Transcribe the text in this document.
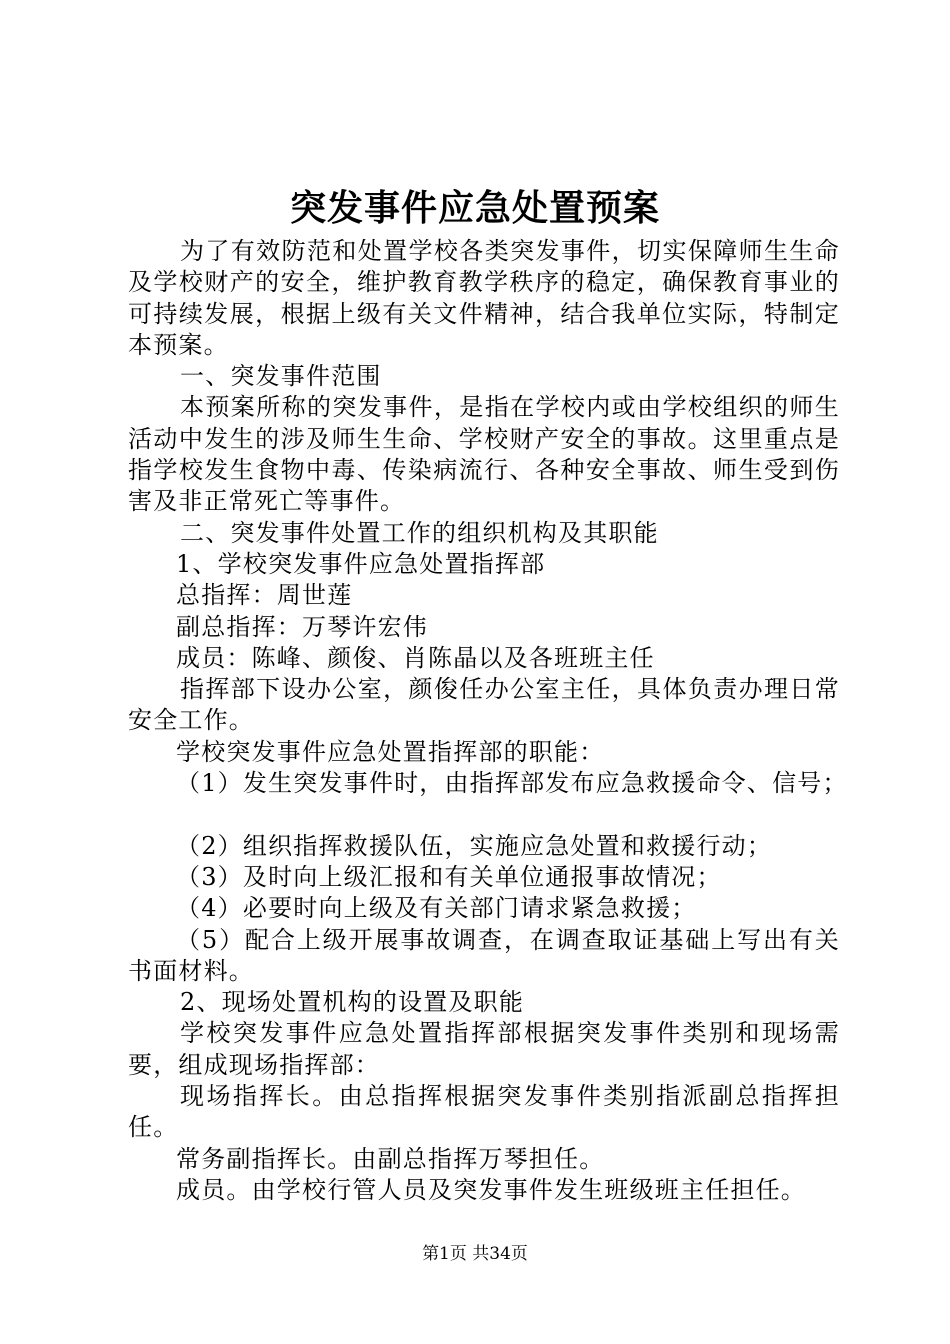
突发事件应急处置预案

为了有效防范和处置学校各类突发事件，切实保障师生生命及学校财产的安全，维护教育教学秩序的稳定，确保教育事业的可持续发展，根据上级有关文件精神，结合我单位实际，特制定本预案。

一、突发事件范围

本预案所称的突发事件，是指在学校内或由学校组织的师生活动中发生的涉及师生生命、学校财产安全的事故。这里重点是指学校发生食物中毒、传染病流行、各种安全事故、师生受到伤害及非正常死亡等事件。

二、突发事件处置工作的组织机构及其职能

1、学校突发事件应急处置指挥部

总指挥：周世莲

副总指挥：万琴许宏伟

成员：陈峰、颜俊、肖陈晶以及各班班主任

指挥部下设办公室，颜俊任办公室主任，具体负责办理日常安全工作。

学校突发事件应急处置指挥部的职能：

（1）发生突发事件时，由指挥部发布应急救援命令、信号；

（2）组织指挥救援队伍，实施应急处置和救援行动；

（3）及时向上级汇报和有关单位通报事故情况；

（4）必要时向上级及有关部门请求紧急救援；

（5）配合上级开展事故调查，在调查取证基础上写出有关书面材料。

2、现场处置机构的设置及职能

学校突发事件应急处置指挥部根据突发事件类别和现场需要，组成现场指挥部：

现场指挥长。由总指挥根据突发事件类别指派副总指挥担任。

常务副指挥长。由副总指挥万琴担任。

成员。由学校行管人员及突发事件发生班级班主任担任。

第1页 共34页
